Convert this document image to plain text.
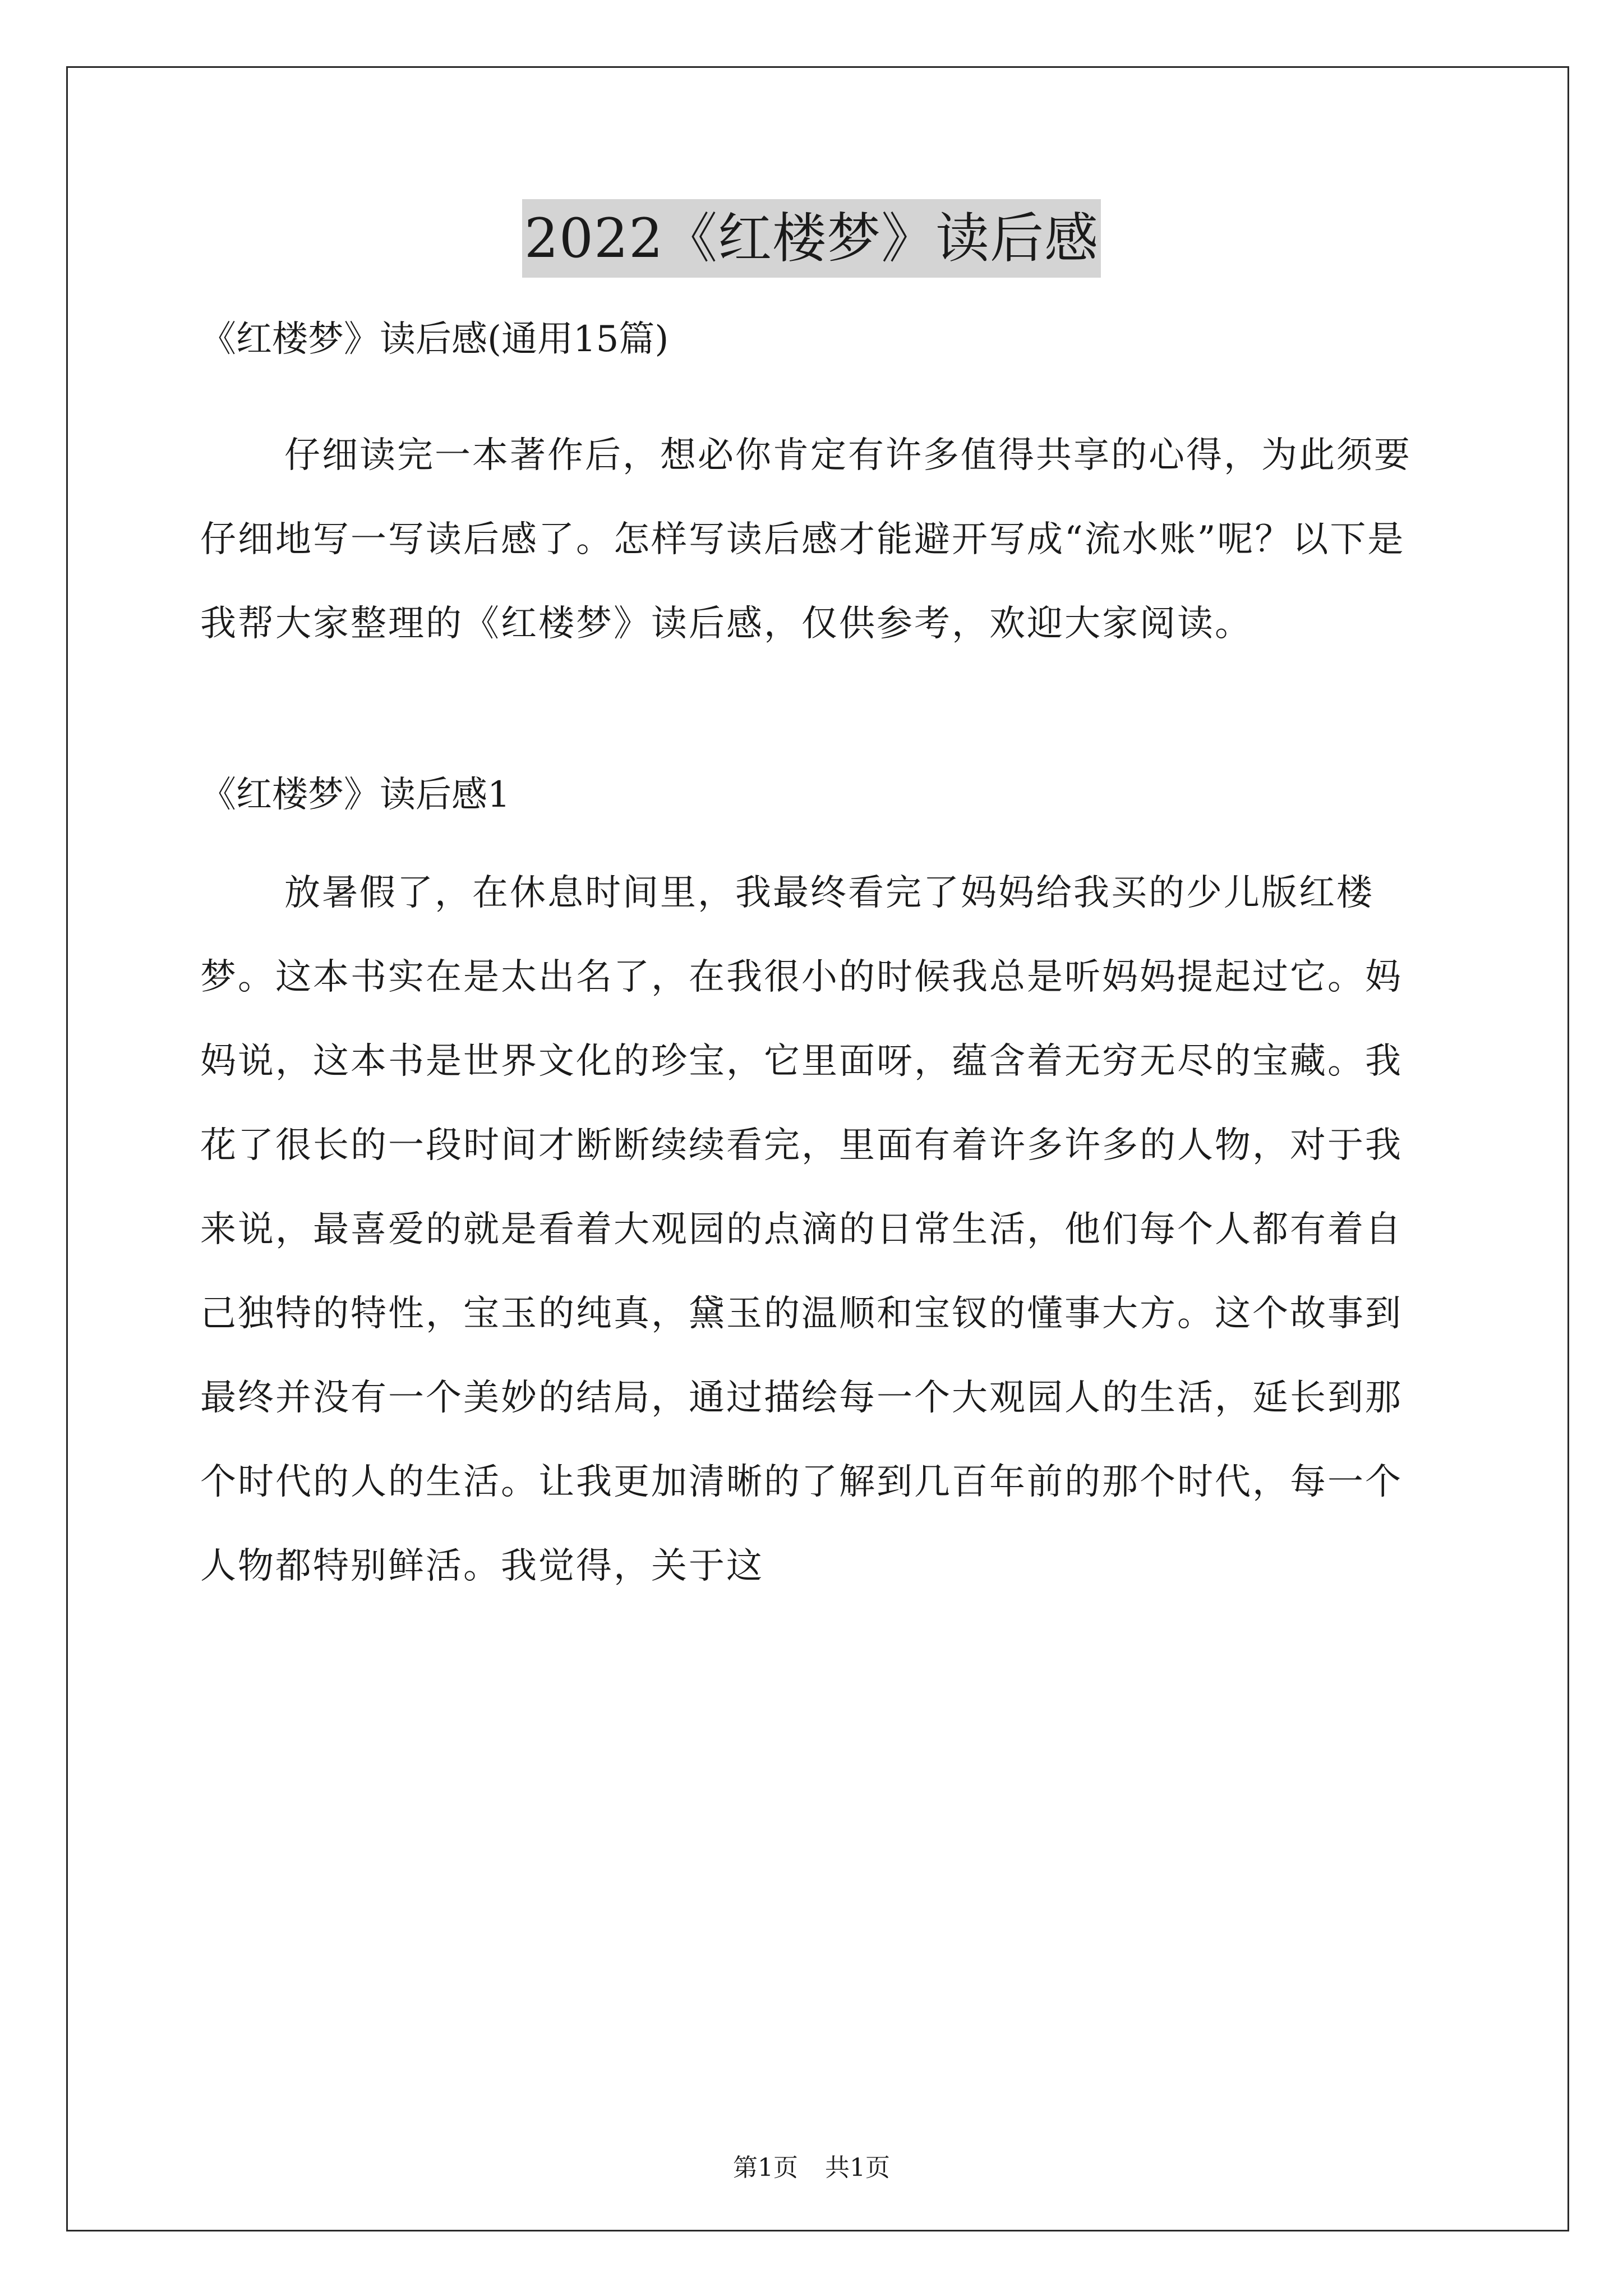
2022《红楼梦》读后感

《红楼梦》读后感(通用15篇)

仔细读完一本著作后，想必你肯定有许多值得共享的心得，为此须要仔细地写一写读后感了。怎样写读后感才能避开写成“流水账”呢？以下是我帮大家整理的《红楼梦》读后感，仅供参考，欢迎大家阅读。

《红楼梦》读后感1

放暑假了，在休息时间里，我最终看完了妈妈给我买的少儿版红楼梦。这本书实在是太出名了，在我很小的时候我总是听妈妈提起过它。妈妈说，这本书是世界文化的珍宝，它里面呀，蕴含着无穷无尽的宝藏。我花了很长的一段时间才断断续续看完，里面有着许多许多的人物，对于我来说，最喜爱的就是看着大观园的点滴的日常生活，他们每个人都有着自己独特的特性，宝玉的纯真，黛玉的温顺和宝钗的懂事大方。这个故事到最终并没有一个美妙的结局，通过描绘每一个大观园人的生活，延长到那个时代的人的生活。让我更加清晰的了解到几百年前的那个时代，每一个人物都特别鲜活。我觉得，关于这

第1页 共1页
